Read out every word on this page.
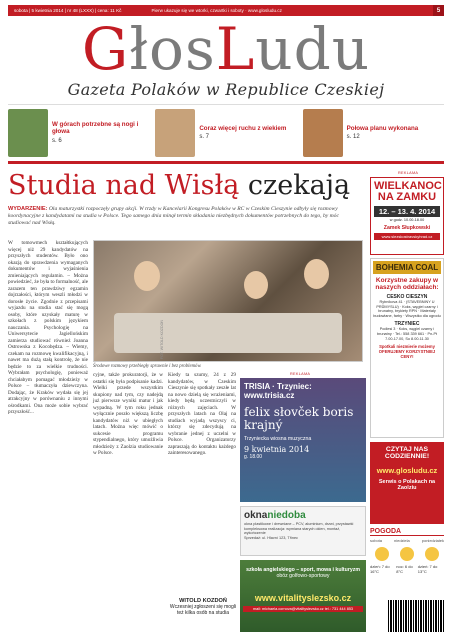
sobota | 5 kwietnia 2014 | nr 48 (LXXX) | cena: 11 Kč	Pierw ukazuje się we wtorki, czwartki i soboty · www.glosludu.cz	5
GłosLudu
Gazeta Polaków w Republice Czeskiej
W górach potrzebne są nogi i głowa
s. 6
Coraz więcej ruchu z wiekiem
s. 7
Połowa planu wykonana
s. 12
Studia nad Wisłą czekają
WYDARZENIE: Ola maturzystki rozpoczęły grupy akcji. W trzdy w Kancelarii Kongresu Polaków w RC w Czeskim Cieszynie odbyły się rozmowy koordynacyjne z kandydatami na studia w Polsce. Tego samego dnia minął termin składania niezbędnych dokumentów potrzebnych do tego, by móc studiować nad Wisłą.
W tomowmech kształtkujących więcej niż 29 kandydatów na przyszłych studentów. Było ono okazją do sprawdzenia wymaganych dokumentów i wyjaśnienia zmieniających regulamin. – Można powiedzieć, że była to formalność, ale zarazem ten prawdziwy egzamin dojrzałości, którym weszli młodzi w dorosłe życie. Zgodnie z przepisami wyjazdu na studia stać się mogą osoby, które uzyskały maturę w szkołach z polskim językiem nauczania. Psychologię na Uniwersytecie Jagiellońskim zamierza studiować również Joanna Ostrowska z Kocobędza. – Wiemy, czekam na rozmowę kwalifikacyjną, i nawet ma dużą stałą kontrolę, że nie będzie to za wielkie trudności. Wybrałam psychologię, ponieważ chciałabym pomagać młodzieży w Polsce – tłumaczyła dziewczyna. Dodając, że Kraków wydała się jej atrakcyjny w porównaniu z innymi ośrodkami. Ona może sobie wybrać przyszłość...
FOT. WITOLD KOZDOŃ
Środowe rozmowy przebiegły sprawnie i bez problemów.
cyjne, także prokuratorji, że w ostatki się była podpisanie kadzi. Wielki przede wszystkim skupiony nad tym, czy nadejdą już pierwsze wyniki matur i jak wypadną. W tym roku jednak wyłącznie poszło większą liczbę kandydatów niż w ubiegłych latach. Można więc mówić o sukcesie programu stypendialnego, który umożliwia młodzieży z Zaolzia studiowanie w Polsce.
Kiedy ta szumy, 24 z 29 kandydatów, w Czeskim Cieszynie się spotkały zeszłe lat na nowo dzielą się wrażeniami, kiedy będą uczestniczyli w różnych zajęciach. W przyszłych latach na Olaj na studiach wyjadą wszyscy ci, którzy się zdecydują na wybranie jednej z uczelni w Polsce. Organizatorzy zapraszają do kontaktu każdego zainteresowanego.
WITOLD KOZDOŃ
Wczesniej zgłoszeni się mogli też kilka osób na studia
REKLAMA
TRISIA · Trzyniec: www.trisia.cz
felix słovček boris krajný
Trzyniecka wiosna muzyczna
9 kwietnia 2014
g. 18.00
oknaniedoba
okna plastikowe i drewniane – PCV, aluminium, drzwi, przystawki
kompleksowa realizacja: wymiana starych okien, montaż, wykończenie
Sprzedaż: ul. Hlavní 123, Třinec
szkoła angielskiego – sport, mowa i kulturyzm
obóz golfowo-sportowy
www.vitalityslezsko.cz
mail: michaela.cornova@vitalityslezsko.cz tel.: 731 444 853
REKLAMA
WIELKANOC NA ZAMKU
12. – 13. 4. 2014
w godz. 10.00-18.00
Zamek Słupkowski
www.slezskostravskyhrad.cz
BOHEMIA COAL
Korzystne zakupy w naszych oddziałach:
CESKO CIESZYN
Rybníkova 41 · (STAVEBNINY U PRŮMYSLU) · Koks, węgiel czarny i brunatny, brykiety RPN · Materiały budowlane, farby · Wszystko dla ogrodu
TRZYNIEC
Podlesi 3 · Koks, węgiel czarny i brunatny · Tel.: 558 339 661 · Pn-Pt 7.00-17.00, So 8.00-11.30
Spotkali niezmierie możemy OFERUJEMY KORZYSTNIEJ CENY!
CZYTAJ NAS
CODZIENNIE!
www.glosludu.cz
Serwis o Polakach na Zaolziu
POGODA
sobota	niedziela	poniedziałek
dzień: 7 do 16°C
noc: 6 do 8°C
dzień: 7 do 13°C
